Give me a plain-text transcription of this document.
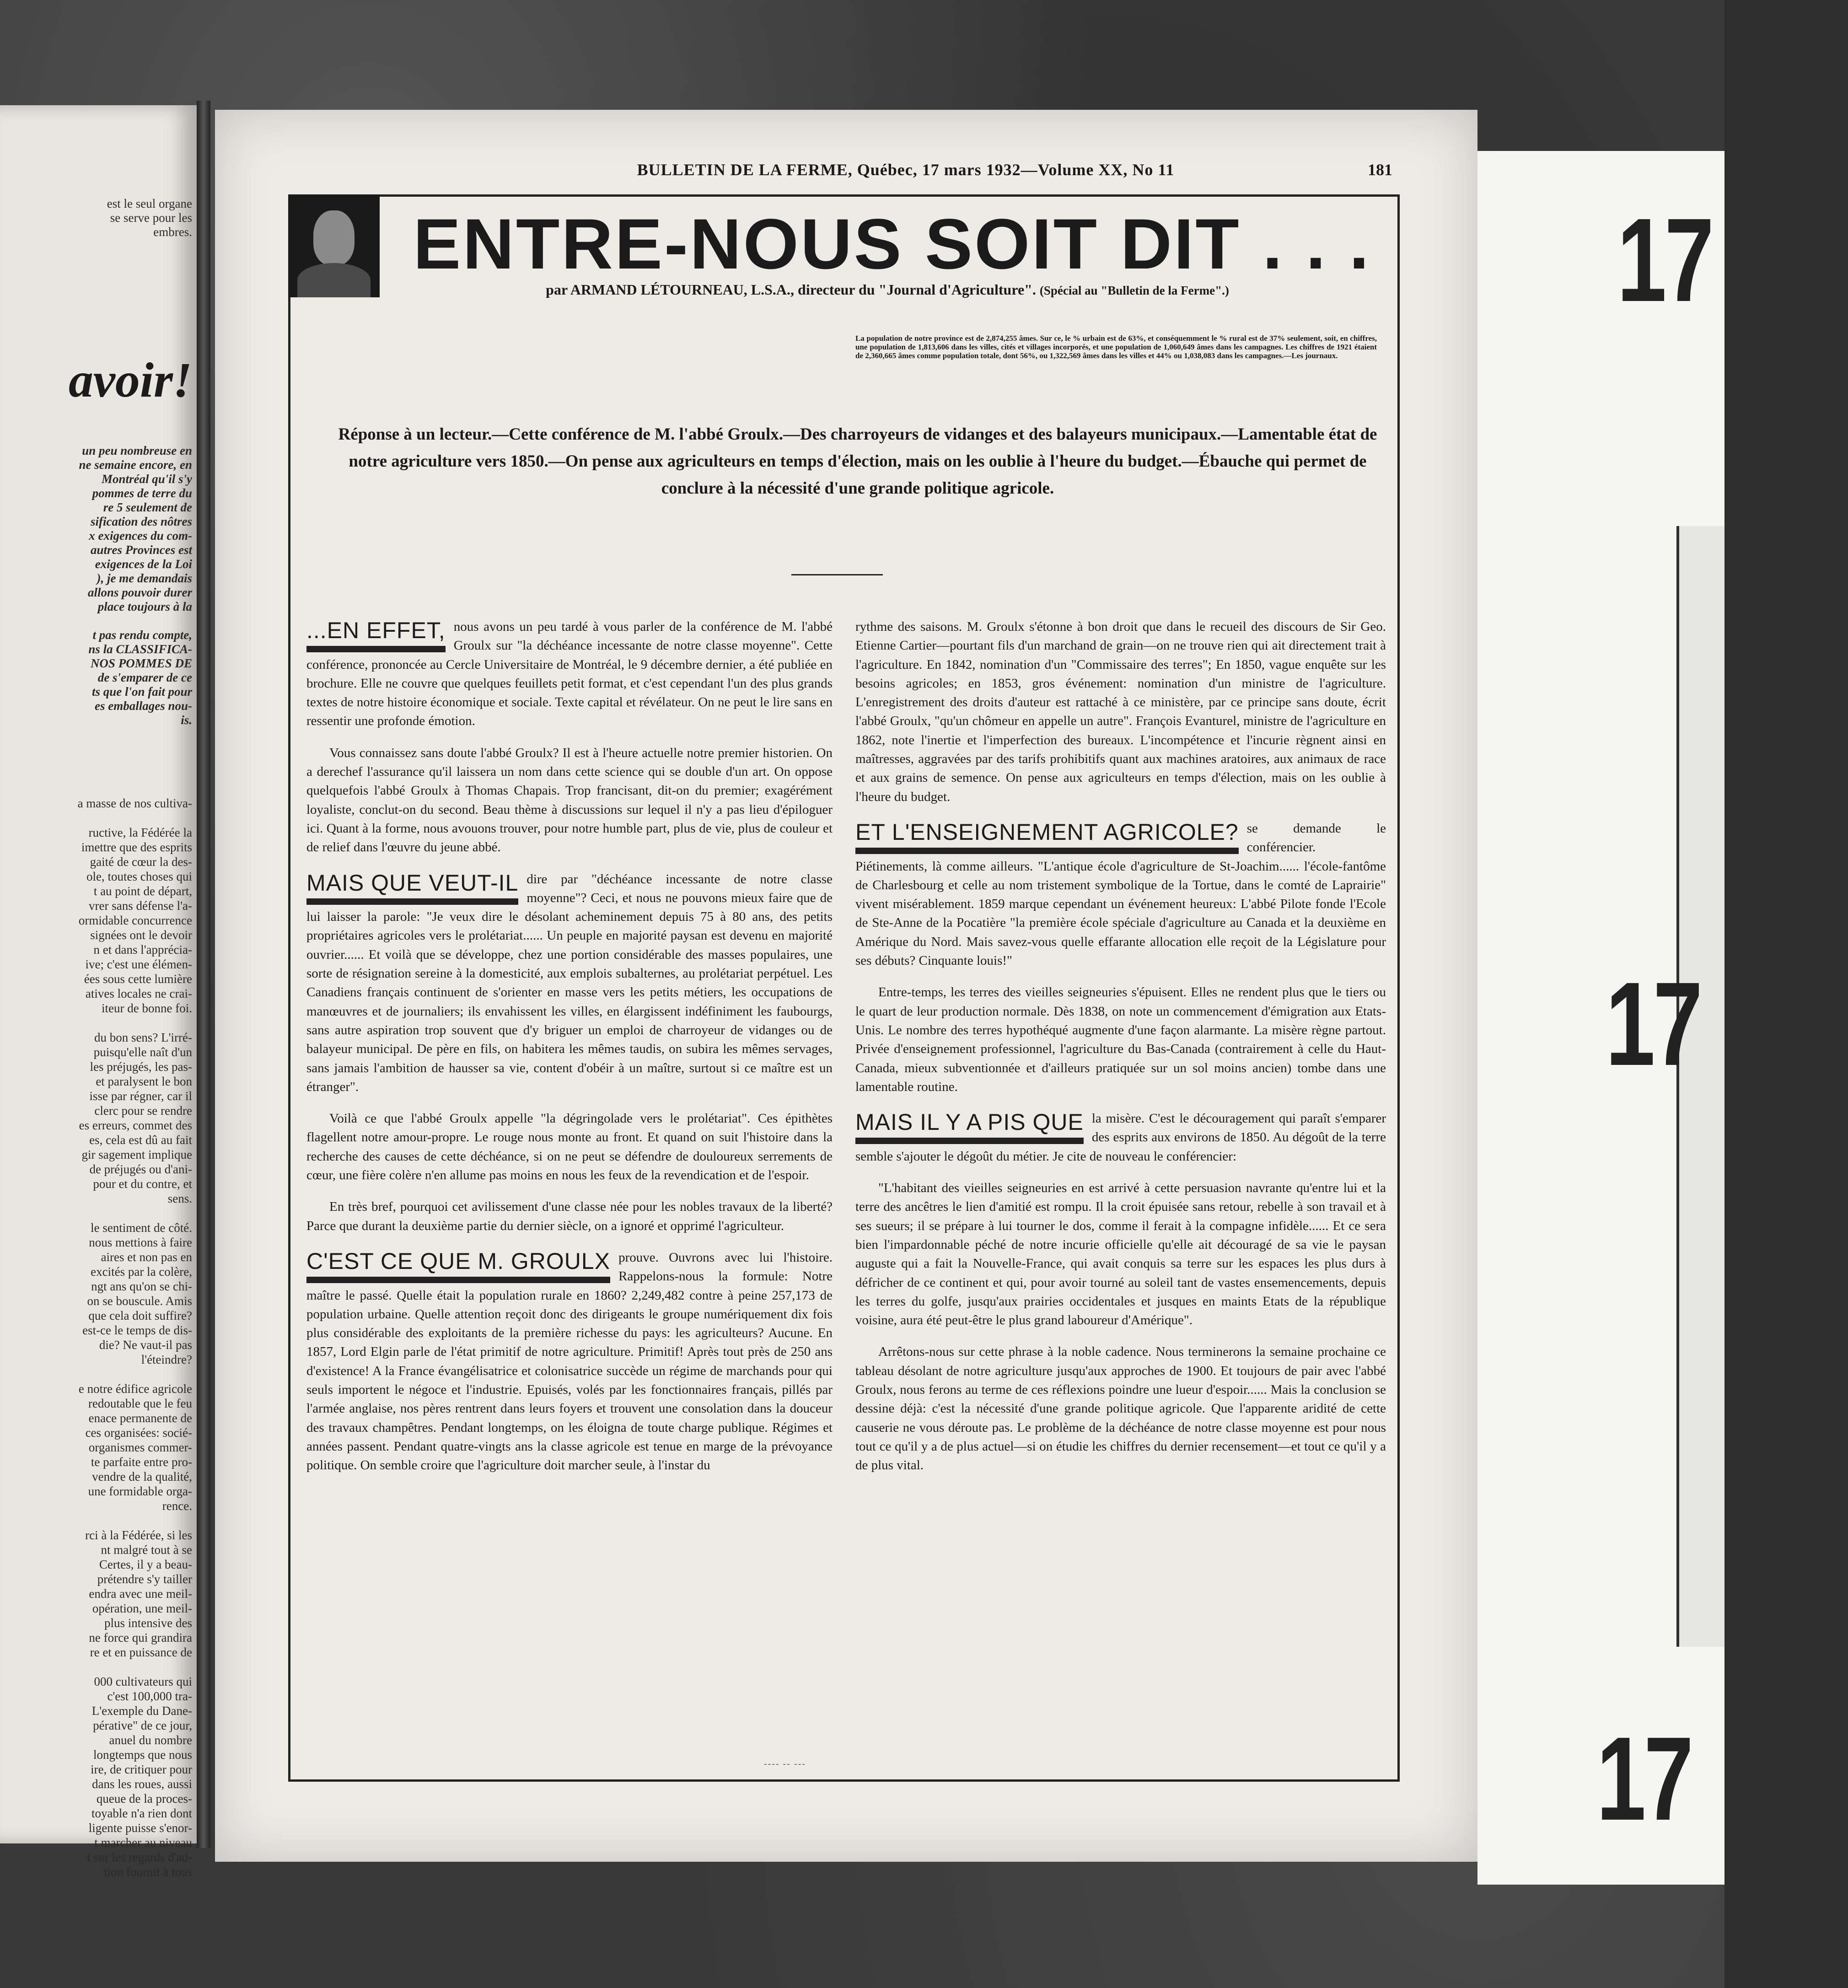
est le seul organe
se serve pour les
embres.
avoir!
un peu nombreuse en
ne semaine encore, en
Montréal qu'il s'y
pommes de terre du
re 5 seulement de
sification des nôtres
x exigences du com-
autres Provinces est
exigences de la Loi
), je me demandais
allons pouvoir durer
place toujours à la

t pas rendu compte,
ns la CLASSIFICA-
NOS POMMES DE
de s'emparer de ce
ts que l'on fait pour
es emballages nou-
is.
a masse de nos cultiva-

ructive, la Fédérée la
imettre que des esprits
gaité de cœur la des-
ole, toutes choses qui
t au point de départ,
vrer sans défense l'a-
ormidable concurrence
signées ont le devoir
n et dans l'apprécia-
ive; c'est une élémen-
ées sous cette lumière
atives locales ne crai-
iteur de bonne foi.

du bon sens? L'irré-
puisqu'elle naît d'un
les préjugés, les pas-
et paralysent le bon
isse par régner, car il
clerc pour se rendre
es erreurs, commet des
es, cela est dû au fait
gir sagement implique
de préjugés ou d'ani-
pour et du contre, et
sens.

le sentiment de côté.
nous mettions à faire
aires et non pas en
excités par la colère,
ngt ans qu'on se chi-
on se bouscule. Amis
que cela doit suffire?
est-ce le temps de dis-
die? Ne vaut-il pas
l'éteindre?

e notre édifice agricole
redoutable que le feu
enace permanente de
ces organisées: socié-
organismes commer-
te parfaite entre pro-
vendre de la qualité,
une formidable orga-
rence.

rci à la Fédérée, si les
nt malgré tout à se
Certes, il y a beau-
prétendre s'y tailler
endra avec une meil-
opération, une meil-
plus intensive des
ne force qui grandira
re et en puissance de

000 cultivateurs qui
c'est 100,000 tra-
L'exemple du Dane-
pérative" de ce jour,
anuel du nombre
longtemps que nous
ire, de critiquer pour
dans les roues, aussi
queue de la proces-
toyable n'a rien dont
ligente puisse s'enor-
t marcher au niveau
t sur les regards d'ad-
tion fournit à tous
BULLETIN DE LA FERME, Québec, 17 mars 1932—Volume XX, No 11	181
ENTRE-NOUS SOIT DIT . . .
par ARMAND LÉTOURNEAU, L.S.A., directeur du "Journal d'Agriculture". (Spécial au "Bulletin de la Ferme".)
La population de notre province est de 2,874,255 âmes. Sur ce, le % urbain est de 63%, et conséquemment le % rural est de 37% seulement, soit, en chiffres, une population de 1,813,606 dans les villes, cités et villages incorporés, et une population de 1,060,649 âmes dans les campagnes. Les chiffres de 1921 étaient de 2,360,665 âmes comme population totale, dont 56%, ou 1,322,569 âmes dans les villes et 44% ou 1,038,083 dans les campagnes.—Les journaux.
Réponse à un lecteur.—Cette conférence de M. l'abbé Groulx.—Des charroyeurs de vidanges et des balayeurs municipaux.—Lamentable état de notre agriculture vers 1850.—On pense aux agriculteurs en temps d'élection, mais on les oublie à l'heure du budget.—Ébauche qui permet de conclure à la nécessité d'une grande politique agricole.

...EN EFFET, nous avons un peu tardé à vous parler de la conférence de M. l'abbé Groulx sur "la déchéance incessante de notre classe moyenne". Cette conférence, prononcée au Cercle Universitaire de Montréal, le 9 décembre dernier, a été publiée en brochure. Elle ne couvre que quelques feuillets petit format, et c'est cependant l'un des plus grands textes de notre histoire économique et sociale. Texte capital et révélateur. On ne peut le lire sans en ressentir une profonde émotion.

Vous connaissez sans doute l'abbé Groulx? Il est à l'heure actuelle notre premier historien. On a derechef l'assurance qu'il laissera un nom dans cette science qui se double d'un art. On oppose quelquefois l'abbé Groulx à Thomas Chapais. Trop francisant, dit-on du premier; exagérément loyaliste, conclut-on du second. Beau thème à discussions sur lequel il n'y a pas lieu d'épiloguer ici. Quant à la forme, nous avouons trouver, pour notre humble part, plus de vie, plus de couleur et de relief dans l'œuvre du jeune abbé.

MAIS QUE VEUT-IL dire par "déchéance incessante de notre classe moyenne"? Ceci, et nous ne pouvons mieux faire que de lui laisser la parole: "Je veux dire le désolant acheminement depuis 75 à 80 ans, des petits propriétaires agricoles vers le prolétariat...... Un peuple en majorité paysan est devenu en majorité ouvrier...... Et voilà que se développe, chez une portion considérable des masses populaires, une sorte de résignation sereine à la domesticité, aux emplois subalternes, au prolétariat perpétuel. Les Canadiens français continuent de s'orienter en masse vers les petits métiers, les occupations de manœuvres et de journaliers; ils envahissent les villes, en élargissent indéfiniment les faubourgs, sans autre aspiration trop souvent que d'y briguer un emploi de charroyeur de vidanges ou de balayeur municipal. De père en fils, on habitera les mêmes taudis, on subira les mêmes servages, sans jamais l'ambition de hausser sa vie, content d'obéir à un maître, surtout si ce maître est un étranger".

Voilà ce que l'abbé Groulx appelle "la dégringolade vers le prolétariat". Ces épithètes flagellent notre amour-propre. Le rouge nous monte au front. Et quand on suit l'histoire dans la recherche des causes de cette déchéance, si on ne peut se défendre de douloureux serrements de cœur, une fière colère n'en allume pas moins en nous les feux de la revendication et de l'espoir.

En très bref, pourquoi cet avilissement d'une classe née pour les nobles travaux de la liberté? Parce que durant la deuxième partie du dernier siècle, on a ignoré et opprimé l'agriculteur.

C'EST CE QUE M. GROULX prouve. Ouvrons avec lui l'histoire. Rappelons-nous la formule: Notre maître le passé. Quelle était la population rurale en 1860? 2,249,482 contre à peine 257,173 de population urbaine. Quelle attention reçoit donc des dirigeants le groupe numériquement dix fois plus considérable des exploitants de la première richesse du pays: les agriculteurs? Aucune. En 1857, Lord Elgin parle de l'état primitif de notre agriculture. Primitif! Après tout près de 250 ans d'existence! A la France évangélisatrice et colonisatrice succède un régime de marchands pour qui seuls importent le négoce et l'industrie. Epuisés, volés par les fonctionnaires français, pillés par l'armée anglaise, nos pères rentrent dans leurs foyers et trouvent une consolation dans la douceur des travaux champêtres. Pendant longtemps, on les éloigna de toute charge publique. Régimes et années passent. Pendant quatre-vingts ans la classe agricole est tenue en marge de la prévoyance politique. On semble croire que l'agriculture doit marcher seule, à l'instar du

rythme des saisons. M. Groulx s'étonne à bon droit que dans le recueil des discours de Sir Geo. Etienne Cartier—pourtant fils d'un marchand de grain—on ne trouve rien qui ait directement trait à l'agriculture. En 1842, nomination d'un "Commissaire des terres"; En 1850, vague enquête sur les besoins agricoles; en 1853, gros événement: nomination d'un ministre de l'agriculture. L'enregistrement des droits d'auteur est rattaché à ce ministère, par ce principe sans doute, écrit l'abbé Groulx, "qu'un chômeur en appelle un autre". François Evanturel, ministre de l'agriculture en 1862, note l'inertie et l'imperfection des bureaux. L'incompétence et l'incurie règnent ainsi en maîtresses, aggravées par des tarifs prohibitifs quant aux machines aratoires, aux animaux de race et aux grains de semence. On pense aux agriculteurs en temps d'élection, mais on les oublie à l'heure du budget.

ET L'ENSEIGNEMENT AGRICOLE? se demande le conférencier. Piétinements, là comme ailleurs. "L'antique école d'agriculture de St-Joachim...... l'école-fantôme de Charlesbourg et celle au nom tristement symbolique de la Tortue, dans le comté de Laprairie" vivent misérablement. 1859 marque cependant un événement heureux: L'abbé Pilote fonde l'Ecole de Ste-Anne de la Pocatière "la première école spéciale d'agriculture au Canada et la deuxième en Amérique du Nord. Mais savez-vous quelle effarante allocation elle reçoit de la Législature pour ses débuts? Cinquante louis!"

Entre-temps, les terres des vieilles seigneuries s'épuisent. Elles ne rendent plus que le tiers ou le quart de leur production normale. Dès 1838, on note un commencement d'émigration aux Etats-Unis. Le nombre des terres hypothéqué augmente d'une façon alarmante. La misère règne partout. Privée d'enseignement professionnel, l'agriculture du Bas-Canada (contrairement à celle du Haut-Canada, mieux subventionnée et d'ailleurs pratiquée sur un sol moins ancien) tombe dans une lamentable routine.

MAIS IL Y A PIS QUE la misère. C'est le découragement qui paraît s'emparer des esprits aux environs de 1850. Au dégoût de la terre semble s'ajouter le dégoût du métier. Je cite de nouveau le conférencier:

"L'habitant des vieilles seigneuries en est arrivé à cette persuasion navrante qu'entre lui et la terre des ancêtres le lien d'amitié est rompu. Il la croit épuisée sans retour, rebelle à son travail et à ses sueurs; il se prépare à lui tourner le dos, comme il ferait à la compagne infidèle...... Et ce sera bien l'impardonnable péché de notre incurie officielle qu'elle ait découragé de sa vie le paysan auguste qui a fait la Nouvelle-France, qui avait conquis sa terre sur les espaces les plus durs à défricher de ce continent et qui, pour avoir tourné au soleil tant de vastes ensemencements, depuis les terres du golfe, jusqu'aux prairies occidentales et jusques en maints Etats de la république voisine, aura été peut-être le plus grand laboureur d'Amérique".

Arrêtons-nous sur cette phrase à la noble cadence. Nous terminerons la semaine prochaine ce tableau désolant de notre agriculture jusqu'aux approches de 1900. Et toujours de pair avec l'abbé Groulx, nous ferons au terme de ces réflexions poindre une lueur d'espoir...... Mais la conclusion se dessine déjà: c'est la nécessité d'une grande politique agricole. Que l'apparente aridité de cette causerie ne vous déroute pas. Le problème de la déchéance de notre classe moyenne est pour nous tout ce qu'il y a de plus actuel—si on étudie les chiffres du dernier recensement—et tout ce qu'il y a de plus vital.

---- -- ---
17
17
17
